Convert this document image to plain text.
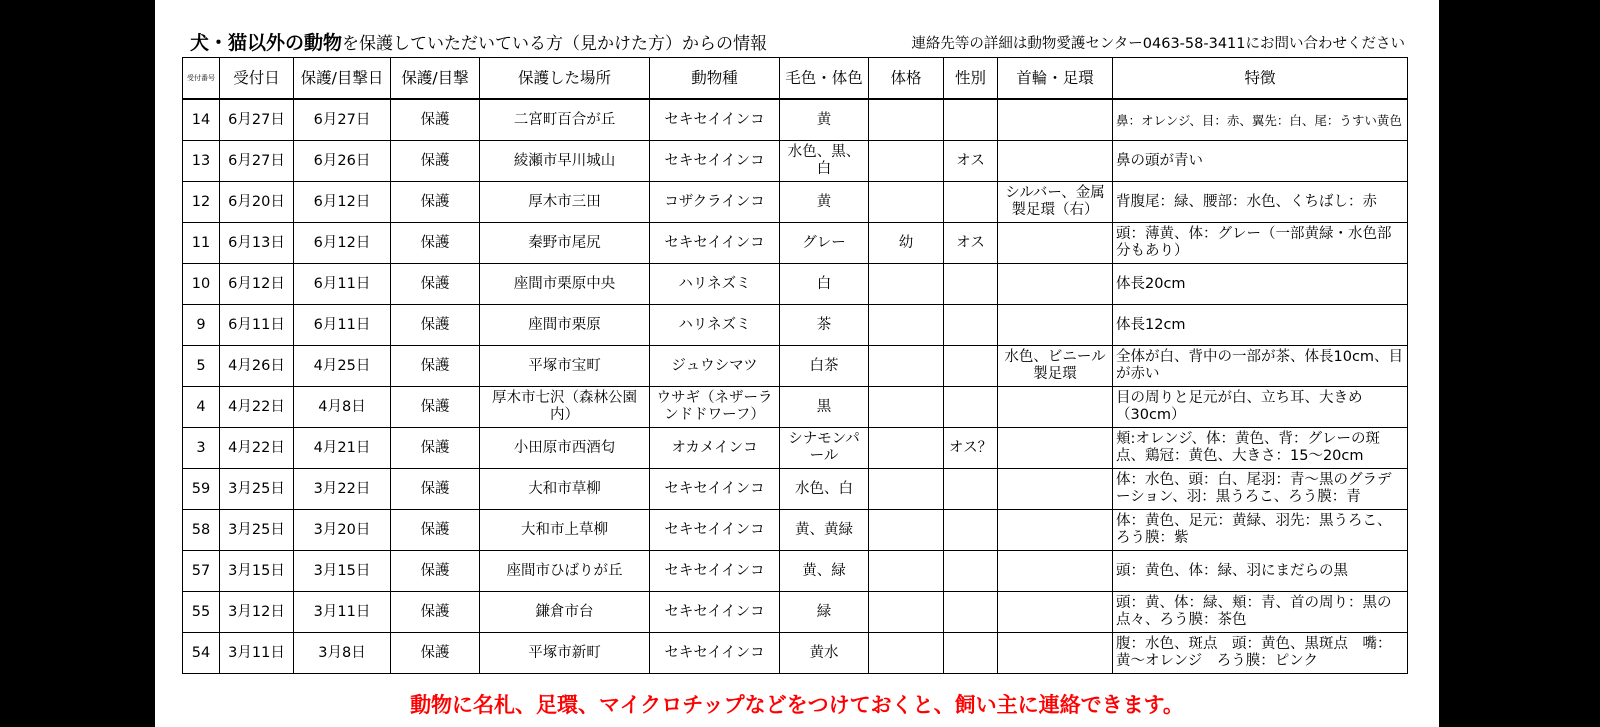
犬・猫以外の動物を保護していただいている方（見かけた方）からの情報	連絡先等の詳細は動物愛護センター0463-58-3411にお問い合わせください
受付番号	受付日	保護/目撃日	保護/目撃	保護した場所	動物種	毛色・体色	体格	性別	首輪・足環	特徴
14	6月27日	6月27日	保護	二宮町百合が丘	セキセイインコ	黄				鼻：オレンジ、目：赤、翼先：白、尾：うすい黄色
13	6月27日	6月26日	保護	綾瀬市早川城山	セキセイインコ	水色、黒、白		オス		鼻の頭が青い
12	6月20日	6月12日	保護	厚木市三田	コザクラインコ	黄			シルバー、金属製足環（右）	背腹尾：緑、腰部：水色、くちばし：赤
11	6月13日	6月12日	保護	秦野市尾尻	セキセイインコ	グレー	幼	オス		頭：薄黄、体：グレー（一部黄緑・水色部分もあり）
10	6月12日	6月11日	保護	座間市栗原中央	ハリネズミ	白				体長20cm
9	6月11日	6月11日	保護	座間市栗原	ハリネズミ	茶				体長12cm
5	4月26日	4月25日	保護	平塚市宝町	ジュウシマツ	白茶			水色、ビニール製足環	全体が白、背中の一部が茶、体長10cm、目が赤い
4	4月22日	4月8日	保護	厚木市七沢（森林公園内）	ウサギ（ネザーランドドワーフ）	黒				目の周りと足元が白、立ち耳、大きめ（30cm）
3	4月22日	4月21日	保護	小田原市西酒匂	オカメインコ	シナモンパール		オス？		頬:オレンジ、体：黄色、背：グレーの斑点、鶏冠：黄色、大きさ：15～20cm
59	3月25日	3月22日	保護	大和市草柳	セキセイインコ	水色、白				体：水色、頭：白、尾羽：青～黒のグラデーション、羽：黒うろこ、ろう膜：青
58	3月25日	3月20日	保護	大和市上草柳	セキセイインコ	黄、黄緑				体：黄色、足元：黄緑、羽先：黒うろこ、ろう膜：紫
57	3月15日	3月15日	保護	座間市ひばりが丘	セキセイインコ	黄、緑				頭：黄色、体：緑、羽にまだらの黒
55	3月12日	3月11日	保護	鎌倉市台	セキセイインコ	緑				頭：黄、体：緑、頬：青、首の周り：黒の点々、ろう膜：茶色
54	3月11日	3月8日	保護	平塚市新町	セキセイインコ	黄水				腹：水色、斑点　頭：黄色、黒斑点　嘴：黄～オレンジ　ろう膜：ピンク
動物に名札、足環、マイクロチップなどをつけておくと、飼い主に連絡できます。
